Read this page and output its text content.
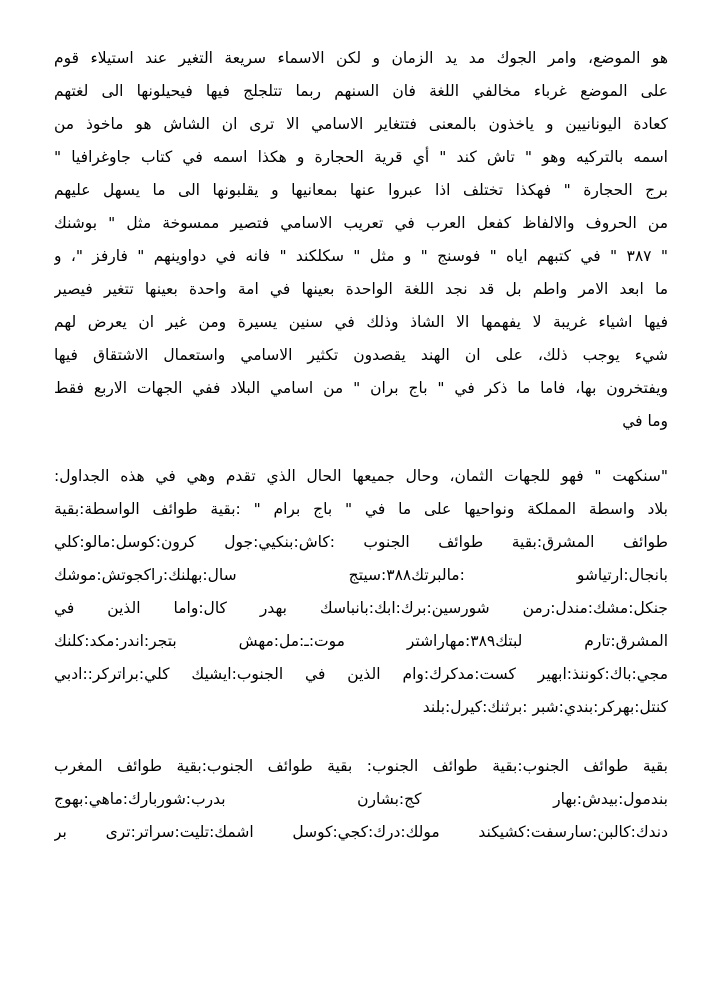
هو الموضع، وامر الجوك مد يد الزمان و لكن الاسماء سريعة التغير عند استيلاء قوم
على الموضع غرباء مخالفي اللغة فان السنهم ربما تتلجلج فيها فيحيلونها الى لغتهم
كعادة اليونانيين و ياخذون بالمعنى فتتغاير الاسامي الا ترى ان الشاش هو ماخوذ من
اسمه بالتركيه وهو " تاش كند " أي قرية الحجارة و هكذا اسمه في كتاب جاوغرافيا "
برج الحجارة " فهكذا تختلف اذا عبروا عنها بمعانيها و يقلبونها الى ما يسهل عليهم
من الحروف والالفاظ كفعل العرب في تعريب الاسامي فتصير ممسوخة مثل " بوشنك
" ٣٨٧ " في كتبهم اياه " فوسنج " و مثل " سكلكند " فانه في دواوينهم " فارفز "، و
ما ابعد الامر واطم بل قد نجد اللغة الواحدة بعينها في امة واحدة بعينها تتغير فيصير
فيها اشياء غريبة لا يفهمها الا الشاذ وذلك في سنين يسيرة ومن غير ان يعرض لهم
شيء يوجب ذلك، على ان الهند يقصدون تكثير الاسامي واستعمال الاشتقاق فيها
ويفتخرون بها، فاما ما ذكر في " باج بران " من اسامي البلاد ففي الجهات الاربع فقط
وما في
"سنكهت " فهو للجهات الثمان، وحال جميعها الحال الذي تقدم وهي في هذه الجداول:
بلاد واسطة المملكة ونواحيها على ما في " باج برام " :بقية طوائف الواسطة:بقية
طوائف المشرق:بقية طوائف الجنوب :كاش:بنكيي:جول كرون:كوسل:مالو:كلي
بانجال:ارتياشو :مالبرتك٣٨٨:سيتج سال:بهلنك:راكجوتش:موشك
جنكل:مشك:مندل:رمن شورسين:برك:ابك:بانباسك بهدر كال:واما الذين في
المشرق:تارم لبتك٣٨٩:مهاراشتر موت:ـ:مل:مهش بتجر:اندر:مكد:كلنك
مجي:باك:كوننذ:ابهير كست:مدكرك:وام الذين في الجنوب:ايشيك كلي:براتركر::ادبي
كنتل:بهركر:بندي:شبر :برثنك:كيرل:بلند
بقية طوائف الجنوب:بقية طوائف الجنوب: بقية طوائف الجنوب:بقية طوائف المغرب
بندمول:بيدش:بهار كج:بشارن بدرب:شوربارك:ماهي:بهوج
دندك:كالبن:سارسفت:كشيكند مولك:درك:كجي:كوسل اشمك:تليت:سراتر:ترى بر
